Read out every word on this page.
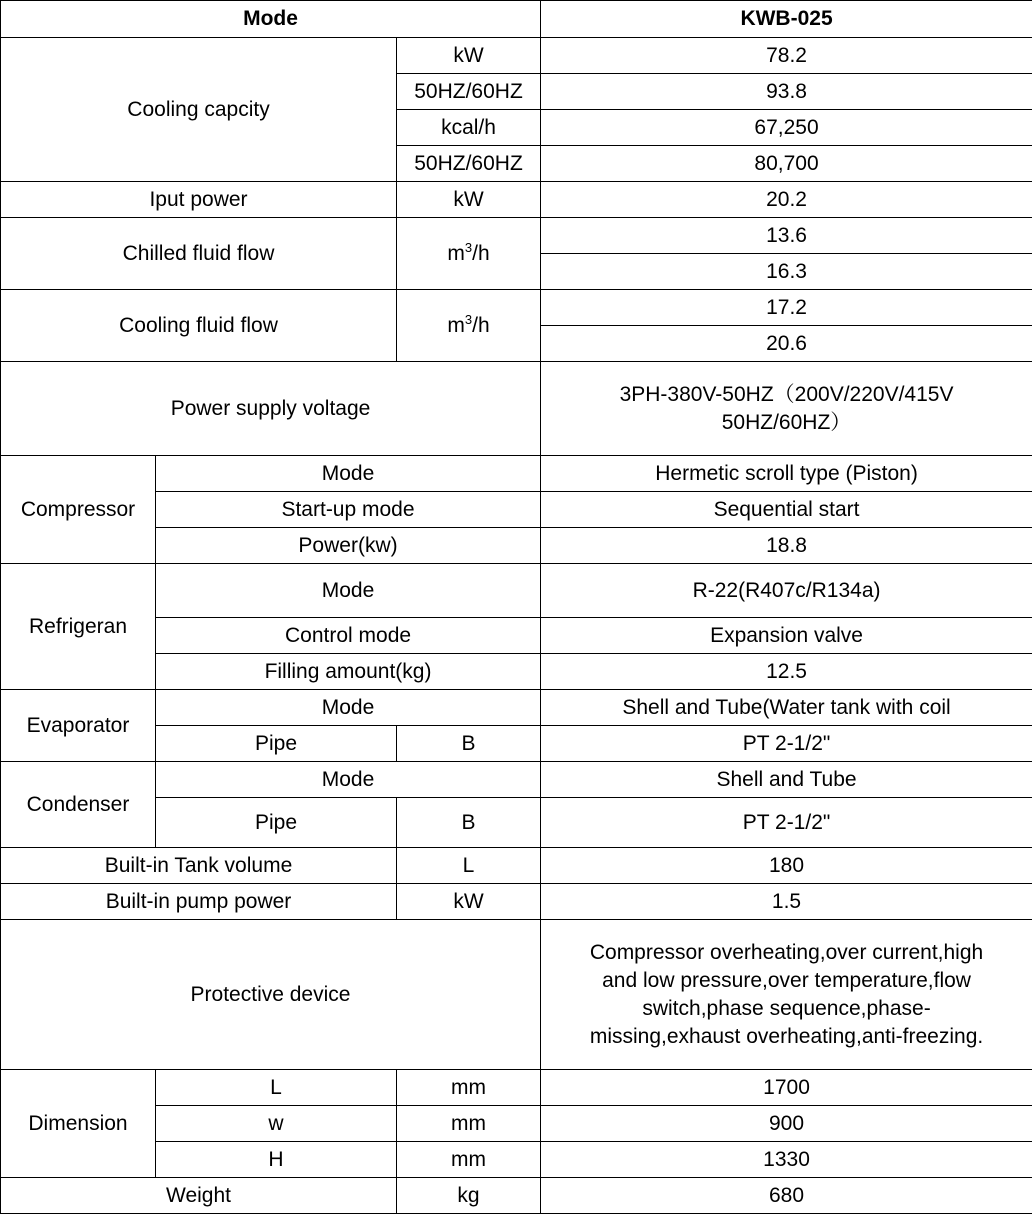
Mode			KWB-025
Cooling capcity		kW	78.2
		50HZ/60HZ	93.8
		kcal/h	67,250
		50HZ/60HZ	80,700
Iput power		kW	20.2
Chilled fluid flow		$m^3/h$	13.6
			16.3
Cooling fluid flow		$m^3/h$	17.2
			20.6
Power supply voltage			3PH-380V-50HZ（200V/220V/415V
50HZ/60HZ）

Compressor	Mode		Hermetic scroll type (Piston)
	Start-up mode		Sequential start
	Power(kw)		18.8
Refrigeran	Mode		R-22(R407c/R134a)
	Control mode		Expansion valve
	Filling amount(kg)		12.5
Evaporator	Mode		Shell and Tube(Water tank with coil
	Pipe	B	PT 2-1/2"
Condenser	Mode		Shell and Tube
	Pipe	B	PT 2-1/2"
Built-in Tank volume		L	180
Built-in pump power		kW	1.5
Protective device			Compressor overheating,over current,high
and low pressure,over temperature,flow
switch,phase sequence,phase-
missing,exhaust overheating,anti-freezing.

Dimension	L	mm	1700
	w	mm	900
	H	mm	1330
Weight		kg	680
